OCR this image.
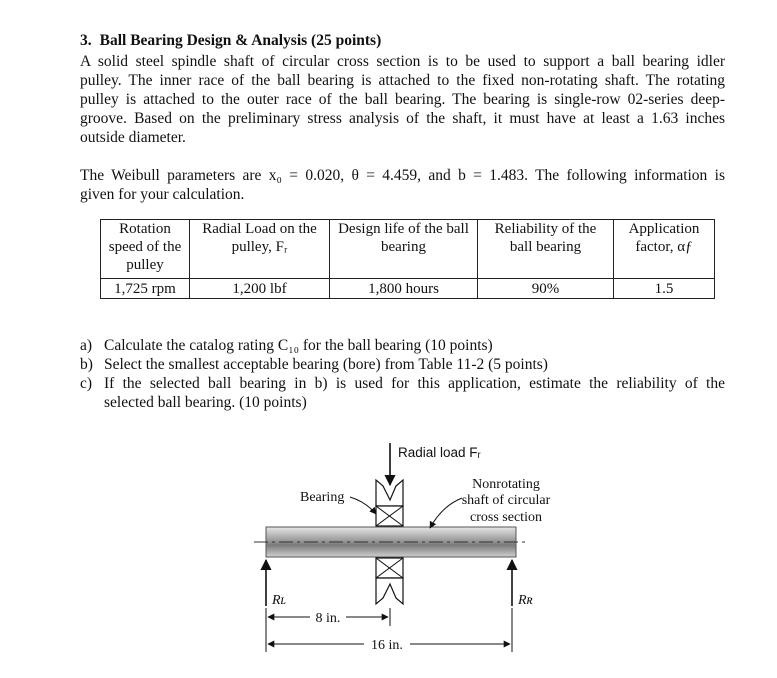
3. Ball Bearing Design & Analysis (25 points)
A solid steel spindle shaft of circular cross section is to be used to support a ball bearing idler
pulley. The inner race of the ball bearing is attached to the fixed non-rotating shaft. The rotating
pulley is attached to the outer race of the ball bearing. The bearing is single-row 02-series deep-
groove. Based on the preliminary stress analysis of the shaft, it must have at least a 1.63 inches
outside diameter.
The Weibull parameters are x₀ = 0.020, θ = 4.459, and b = 1.483. The following information is
given for your calculation.
Rotation speed of the pulley	Radial Load on the pulley, Fᵣ	Design life of the ball bearing	Reliability of the ball bearing	Application factor, αƒ
1,725 rpm	1,200 lbf	1,800 hours	90%	1.5
a) Calculate the catalog rating C₁₀ for the ball bearing (10 points)
b) Select the smallest acceptable bearing (bore) from Table 11-2 (5 points)
c) If the selected ball bearing in b) is used for this application, estimate the reliability of the
selected ball bearing. (10 points)
Radial load Fᵣ
Bearing
Nonrotating
shaft of circular
cross section
Rʟ	Rʀ
8 in.
16 in.
